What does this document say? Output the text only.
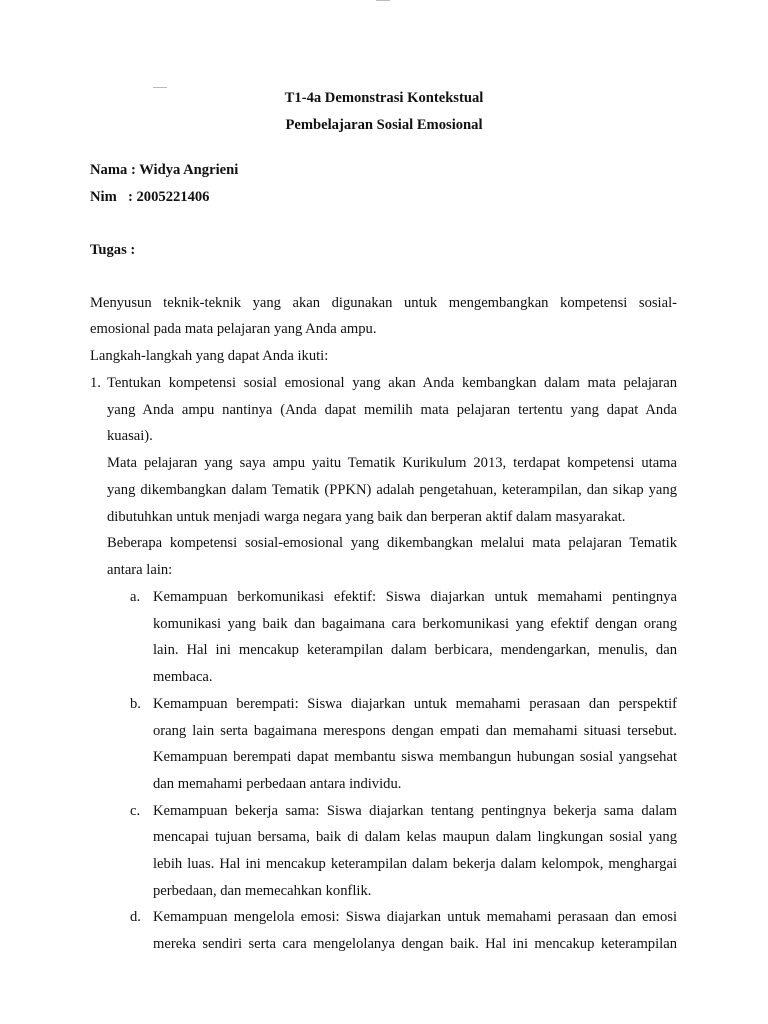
T1-4a Demonstrasi Kontekstual
Pembelajaran Sosial Emosional
Nama : Widya Angrieni
Nim : 2005221406
Tugas :
Menyusun teknik-teknik yang akan digunakan untuk mengembangkan kompetensi sosial-
emosional pada mata pelajaran yang Anda ampu.
Langkah-langkah yang dapat Anda ikuti:
1. Tentukan kompetensi sosial emosional yang akan Anda kembangkan dalam mata pelajaran
yang Anda ampu nantinya (Anda dapat memilih mata pelajaran tertentu yang dapat Anda
kuasai).
Mata pelajaran yang saya ampu yaitu Tematik Kurikulum 2013, terdapat kompetensi utama
yang dikembangkan dalam Tematik (PPKN) adalah pengetahuan, keterampilan, dan sikap yang
dibutuhkan untuk menjadi warga negara yang baik dan berperan aktif dalam masyarakat.
Beberapa kompetensi sosial-emosional yang dikembangkan melalui mata pelajaran Tematik
antara lain:
a. Kemampuan berkomunikasi efektif: Siswa diajarkan untuk memahami pentingnya
komunikasi yang baik dan bagaimana cara berkomunikasi yang efektif dengan orang
lain. Hal ini mencakup keterampilan dalam berbicara, mendengarkan, menulis, dan
membaca.
b. Kemampuan berempati: Siswa diajarkan untuk memahami perasaan dan perspektif
orang lain serta bagaimana merespons dengan empati dan memahami situasi tersebut.
Kemampuan berempati dapat membantu siswa membangun hubungan sosial yangsehat
dan memahami perbedaan antara individu.
c. Kemampuan bekerja sama: Siswa diajarkan tentang pentingnya bekerja sama dalam
mencapai tujuan bersama, baik di dalam kelas maupun dalam lingkungan sosial yang
lebih luas. Hal ini mencakup keterampilan dalam bekerja dalam kelompok, menghargai
perbedaan, dan memecahkan konflik.
d. Kemampuan mengelola emosi: Siswa diajarkan untuk memahami perasaan dan emosi
mereka sendiri serta cara mengelolanya dengan baik. Hal ini mencakup keterampilan
